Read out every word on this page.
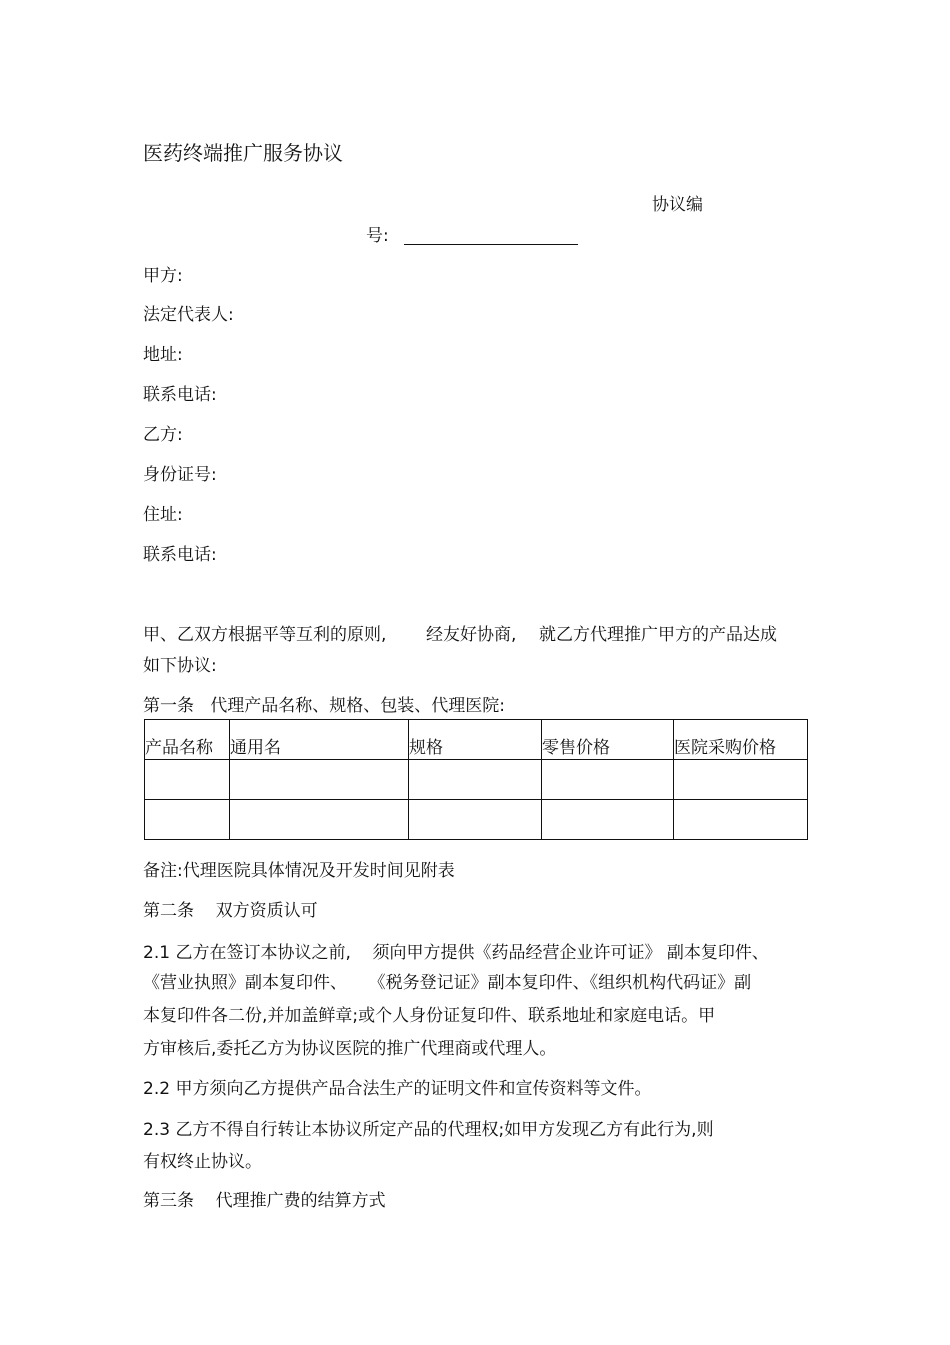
医药终端推广服务协议
协议编
号:
甲方:
法定代表人:
地址:
联系电话:
乙方:
身份证号:
住址:
联系电话:
甲、乙双方根据平等互利的原则, 经友好协商, 就乙方代理推广甲方的产品达成
如下协议:
第一条   代理产品名称、规格、包装、代理医院:
产品名称	通用名	规格	零售价格	医院采购价格

备注:代理医院具体情况及开发时间见附表
第二条    双方资质认可
2.1 乙方在签订本协议之前,    须向甲方提供《药品经营企业许可证》 副本复印件、
《营业执照》副本复印件、    《税务登记证》副本复印件、《组织机构代码证》副
本复印件各二份,并加盖鲜章;或个人身份证复印件、联系地址和家庭电话。甲
方审核后,委托乙方为协议医院的推广代理商或代理人。
2.2 甲方须向乙方提供产品合法生产的证明文件和宣传资料等文件。
2.3 乙方不得自行转让本协议所定产品的代理权;如甲方发现乙方有此行为,则
有权终止协议。
第三条    代理推广费的结算方式
